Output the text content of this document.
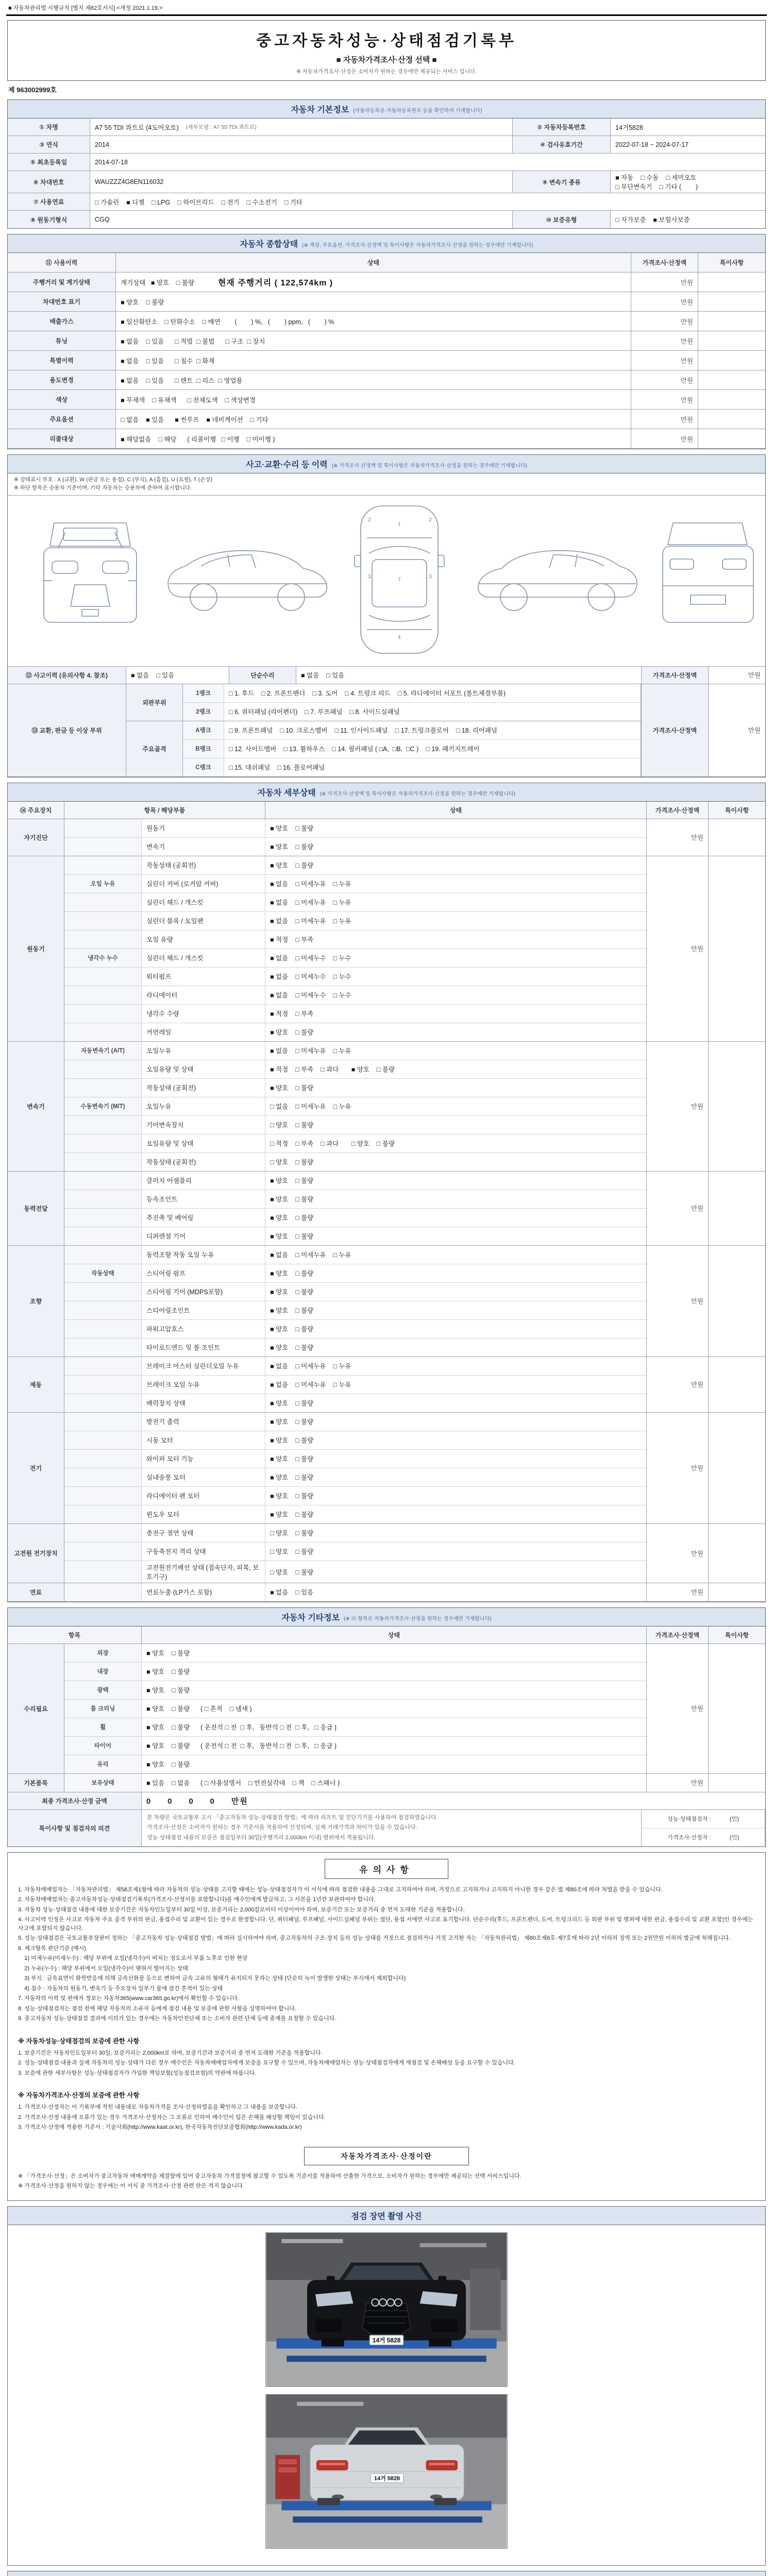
■ 자동차관리법 시행규칙 [별지 제82호서식] <개정 2021.1.19.>
중고자동차성능·상태점검기록부
■ 자동차가격조사·산정 선택 ■
※ 자동차가격조사·산정은 소비자가 원하는 경우에만 제공되는 서비스 입니다.
제 963002999호
자동차 기본정보 (자동차등록증·자동차등록원부 등을 확인하여 기재합니다)
① 차명	A7 55 TDI 콰트로 (4도어오토) (세부모델 : A7 55 TDI 콰트로)	② 자동차등록번호	14거5828
③ 연식	2014	④ 검사유효기간	2022-07-18 ~ 2024-07-17
⑤ 최초등록일	2014-07-18
⑥ 차대번호	WAUZZZ4G8EN116032	⑨ 변속기 종류
■ 자동    □ 수동    □ 세미오토
□ 무단변속기    □ 기타 (        )
⑦ 사용연료	□ 가솔린    ■ 디젤    □ LPG    □ 하이브리드    □ 전기    □ 수소전기    □ 기타
⑧ 원동기형식	CGQ	⑩ 보증유형	□ 자가보증    ■ 보험사보증
자동차 종합상태 (※ 색상, 주요옵션, 가격조사·산정액 및 특이사항은 자동차가격조사·산정을 원하는 경우에만 기재합니다)
⑪ 사용이력	상태	가격조사·산정액	특이사항
주행거리 및 계기상태	계기상태   ■ 양호    □ 불량	현재 주행거리 ( 122,574km )	만원
차대번호 표기	■ 양호    □ 불량	만원
배출가스	■ 일산화탄소    □ 탄화수소    □ 매연        (        ) %,   (        ) ppm,   (        ) %	만원
튜닝	■ 없음    □ 있음      □ 적법  □ 불법      □ 구조  □ 장치	만원
특별이력	■ 없음    □ 있음      □ 침수  □ 화재	만원
용도변경	■ 없음    □ 있음      □ 렌트  □ 리스  □ 영업용	만원
색상	■ 무채색    □ 유채색      □ 전체도색    □ 색상변경	만원
주요옵션	□ 없음    ■ 있음      ■ 썬루프    ■ 네비게이션    □ 기타	만원
리콜대상	■ 해당없음    □ 해당      ( 리콜이행   □ 이행    □ 미이행 )	만원
사고·교환·수리 등 이력 (※ 가격조사·산정액 및 특이사항은 자동차가격조사·산정을 원하는 경우에만 기재합니다)
※ 상태표시 부호 : X (교환), W (판금 또는 용접), C (부식), A (흠집), U (요철), T (손상)
※ 하단 항목은 승용차 기준이며, 기타 자동차는 승용차에 준하여 표시합니다.
1
2	2
3	3
7
4
⑫ 사고이력 (유의사항 4. 참조)	■ 없음    □ 있음	단순수리	■ 없음    □ 있음	가격조사·산정액	만원
⑬ 교환, 판금 등 이상 부위
외판부위
1랭크	□ 1. 후드    □ 2. 프론트펜더    □ 3. 도어    □ 4. 트렁크 리드    □ 5. 라디에이터 서포트 (볼트체결부품)
2랭크	□ 6. 쿼터패널 (리어펜더)    □ 7. 루프패널    □ 8. 사이드실패널
주요골격
A랭크	□ 9. 프론트패널    □ 10. 크로스멤버    □ 11. 인사이드패널    □ 17. 트렁크플로어    □ 18. 리어패널
B랭크	□ 12. 사이드멤버    □ 13. 휠하우스    □ 14. 필러패널 ( □A,  □B,  □C )    □ 19. 패키지트레이
C랭크	□ 15. 대쉬패널    □ 16. 플로어패널
가격조사·산정액	만원
자동차 세부상태 (※ 가격조사·산정액 및 특이사항은 자동차가격조사·산정을 원하는 경우에만 기재합니다)
⑭ 주요장치	항목 / 해당부품	상태	가격조사·산정액	특이사항
자기진단
원동기	■ 양호    □ 불량
변속기	■ 양호    □ 불량
만원
원동기
작동상태 (공회전)	■ 양호    □ 불량
오일 누유	실린더 커버 (로커암 커버)	■ 없음    □ 미세누유    □ 누유
실린더 헤드 / 개스킷	■ 없음    □ 미세누유    □ 누유
실린더 블록 / 오일팬	■ 없음    □ 미세누유    □ 누유
오일 유량	■ 적정    □ 부족
냉각수 누수	실린더 헤드 / 개스킷	■ 없음    □ 미세누수    □ 누수
워터펌프	■ 없음    □ 미세누수    □ 누수
라디에이터	■ 없음    □ 미세누수    □ 누수
냉각수 수량	■ 적정    □ 부족
커먼레일	■ 양호    □ 불량
만원
변속기
자동변속기 (A/T)	오일누유	■ 없음    □ 미세누유    □ 누유
오일유량 및 상태	■ 적정    □ 부족    □ 과다       ■ 양호    □ 불량
작동상태 (공회전)	■ 양호    □ 불량
수동변속기 (M/T)	오일누유	□ 없음    □ 미세누유    □ 누유
기어변속장치	□ 양호    □ 불량
오일유량 및 상태	□ 적정    □ 부족    □ 과다       □ 양호    □ 불량
작동상태 (공회전)	□ 양호    □ 불량
만원
동력전달
클러치 어셈블리	■ 양호    □ 불량
등속조인트	■ 양호    □ 불량
추진축 및 베어링	■ 양호    □ 불량
디퍼렌셜 기어	■ 양호    □ 불량
만원
조향
동력조향 작동 오일 누유	■ 없음    □ 미세누유    □ 누유
작동상태	스티어링 펌프	■ 양호    □ 불량
스티어링 기어 (MDPS포함)	■ 양호    □ 불량
스티어링조인트	■ 양호    □ 불량
파워고압호스	■ 양호    □ 불량
타이로드엔드 및 볼 조인트	■ 양호    □ 불량
만원
제동
브레이크 마스터 실린더오일 누유	■ 없음    □ 미세누유    □ 누유
브레이크 오일 누유	■ 없음    □ 미세누유    □ 누유
배력장치 상태	■ 양호    □ 불량
만원
전기
발전기 출력	■ 양호    □ 불량
시동 모터	■ 양호    □ 불량
와이퍼 모터 기능	■ 양호    □ 불량
실내송풍 모터	■ 양호    □ 불량
라디에이터 팬 모터	■ 양호    □ 불량
윈도우 모터	■ 양호    □ 불량
만원
고전원 전기장치
충전구 절연 상태	□ 양호    □ 불량
구동축전지 격리 상태	□ 양호    □ 불량
고전원전기배선 상태 (접속단자, 피복, 보호기구)
□ 양호    □ 불량
만원
연료	연료누출 (LP가스 포함)	■ 없음    □ 있음	만원
자동차 기타정보 (※ ⑮ 항목은 자동차가격조사·산정을 원하는 경우에만 기재합니다)
항목	상태	가격조사·산정액	특이사항
수리필요
외장	■ 양호    □ 불량
내장	■ 양호    □ 불량
광택	■ 양호    □ 불량
룸 크리닝	■ 양호    □ 불량      ( □ 흔적    □ 냄새 )
휠	■ 양호    □ 불량      ( 운전석 □ 전  □ 후,   동반석 □ 전  □ 후,   □ 응급 )
타이어	■ 양호    □ 불량      ( 운전석 □ 전  □ 후,   동반석 □ 전  □ 후,   □ 응급 )
유리	■ 양호    □ 불량
만원
기본품목	보유상태	■ 있음    □ 없음      ( □ 사용설명서    □ 안전삼각대    □ 잭    □ 스패너 )	만원
최종 가격조사·산정 금액	0     0     0     0     만원
특이사항 및 점검자의 의견

본 차량은 국토교통부 고시 「중고자동차 성능·상태점검 방법」에 따라 리프트 및 진단기기를 사용하여 점검하였습니다.

가격조사·산정은 소비자가 원하는 경우 기준서를 적용하여 산정되며, 실제 거래가격과 차이가 있을 수 있습니다.

성능·상태점검 내용의 보증은 점검일부터 30일(주행거리 2,000km 이내) 범위에서 적용됩니다.

성능·상태점검자 :            (인)
가격조사·산정자 :            (인)
유의사항

1. 자동차매매업자는 「자동차관리법」 제58조제1항에 따라 자동차의 성능·상태를 고지할 때에는 성능·상태점검자가 이 서식에 따라 점검한 내용을 그대로 고지하여야 하며, 거짓으로 고지하거나 고지하지 아니한 경우 같은 법 제80조에 따라 처벌을 받을 수 있습니다.

2. 자동차매매업자는 중고자동차성능·상태점검기록부(가격조사·산정서를 포함합니다)를 매수인에게 발급하고, 그 사본을 1년간 보관하여야 합니다.

3. 자동차 성능·상태점검 내용에 대한 보증기간은 자동차인도일부터 30일 이상, 보증거리는 2,000킬로미터 이상이어야 하며, 보증기간 또는 보증거리 중 먼저 도래한 기준을 적용합니다.

4. 사고이력 인정은 사고로 자동차 주요 골격 부위의 판금, 용접수리 및 교환이 있는 경우로 한정합니다. 단, 쿼터패널, 루프패널, 사이드실패널 부위는 절단, 용접 시에만 사고로 표기합니다. 단순수리(후드, 프론트펜더, 도어, 트렁크리드 등 외판 부위 및 범퍼에 대한 판금, 용접수리 및 교환 포함)인 경우에는 사고에 포함되지 않습니다.

5. 성능·상태점검은 국토교통부장관이 정하는 「중고자동차 성능·상태점검 방법」에 따라 실시하여야 하며, 중고자동차의 구조·장치 등의 성능·상태를 거짓으로 점검하거나 거짓 고지한 자는 「자동차관리법」 제80조제6호·제7호에 따라 2년 이하의 징역 또는 2천만원 이하의 벌금에 처해집니다.

6. 체크항목 판단기준 (예시)

1) 미세누유(미세누수) : 해당 부위에 오일(냉각수)이 비치는 정도로서 부품 노후로 인한 현상

2) 누유(누수) : 해당 부위에서 오일(냉각수)이 맺혀서 떨어지는 상태

3) 부식 : 금속표면이 화학반응에 의해 금속산화물 등으로 변하여 금속 고유의 형태가 유지되지 못하는 상태 (단순히 녹이 발생한 상태는 부식에서 제외합니다)

4) 침수 : 자동차의 원동기, 변속기 등 주요장치 일부가 물에 잠긴 흔적이 있는 상태

7. 자동차의 이력 및 판매자 정보는 자동차365(www.car365.go.kr)에서 확인할 수 있습니다.

8. 성능·상태점검자는 점검 전에 해당 자동차의 소유자 등에게 점검 내용 및 보증에 관한 사항을 설명하여야 합니다.

9. 중고자동차 성능·상태점검 결과에 이의가 있는 경우에는 자동차안전단체 또는 소비자 관련 단체 등에 중재를 요청할 수 있습니다.

※ 자동차성능·상태점검의 보증에 관한 사항

1. 보증기간은 자동차인도일부터 30일, 보증거리는 2,000km로 하며, 보증기간과 보증거리 중 먼저 도래한 기준을 적용합니다.

2. 성능·상태점검 내용과 실제 자동차의 성능·상태가 다른 경우 매수인은 자동차매매업자에게 보증을 요구할 수 있으며, 자동차매매업자는 성능·상태점검자에게 재점검 및 손해배상 등을 요구할 수 있습니다.

3. 보증에 관한 세부사항은 성능·상태점검자가 가입한 책임보험(성능점검보험)의 약관에 따릅니다.

※ 자동차가격조사·산정의 보증에 관한 사항

1. 가격조사·산정자는 이 기록부에 적힌 내용대로 자동차가격을 조사·산정하였음을 확인하고 그 내용을 보증합니다.

2. 가격조사·산정 내용에 오류가 있는 경우 가격조사·산정자는 그 오류로 인하여 매수인이 입은 손해를 배상할 책임이 있습니다.

3. 가격조사·산정에 적용한 기준서 : 기술사회(http://www.kaat.or.kr), 한국자동차진단보증협회(http://www.kada.or.kr)

자동차가격조사·산정이란

※ 「가격조사·산정」은 소비자가 중고자동차 매매계약을 체결함에 있어 중고자동차 가격결정에 참고할 수 있도록 기준서를 적용하여 산출한 가격으로, 소비자가 원하는 경우에만 제공되는 선택 서비스입니다.

※ 가격조사·산정을 원하지 않는 경우에는 이 서식 중 가격조사·산정 관련 란은 적지 않습니다.

점검 장면 촬영 사진
14거 5828
14거 5828
